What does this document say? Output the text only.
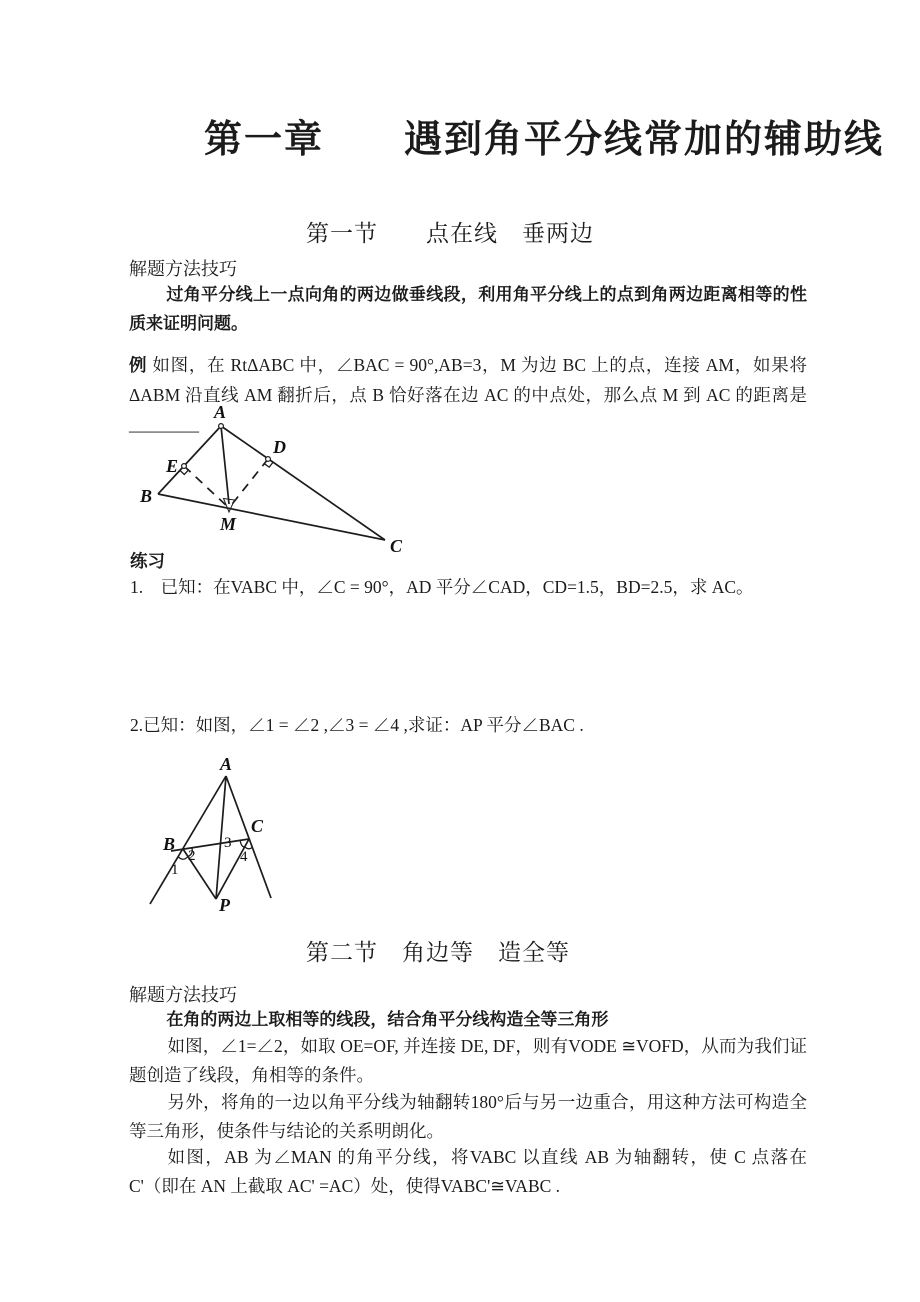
第一章　　遇到角平分线常加的辅助线
第一节　　点在线　垂两边
解题方法技巧
过角平分线上一点向角的两边做垂线段，利用角平分线上的点到角两边距离相等的性质来证明问题。
例 如图，在 RtΔABC 中，∠BAC = 90°,AB=3，M 为边 BC 上的点，连接 AM，如果将ΔABM 沿直线 AM 翻折后，点 B 恰好落在边 AC 的中点处，那么点 M 到 AC 的距离是________
A
B
C
D
E
M
练习
1.　已知：在VABC 中，∠C = 90°，AD 平分∠CAD，CD=1.5，BD=2.5，求 AC。
2.已知：如图，∠1 = ∠2 ,∠3 = ∠4 ,求证：AP 平分∠BAC .
A
B
C
P
1
2
3
4
第二节　角边等　造全等
解题方法技巧
在角的两边上取相等的线段，结合角平分线构造全等三角形
如图，∠1=∠2，如取 OE=OF, 并连接 DE, DF，则有VODE ≅VOFD，从而为我们证题创造了线段，角相等的条件。
另外，将角的一边以角平分线为轴翻转180°后与另一边重合，用这种方法可构造全等三角形，使条件与结论的关系明朗化。
如图，AB 为∠MAN 的角平分线，将VABC 以直线 AB 为轴翻转，使 C 点落在 C'（即在 AN 上截取 AC' =AC）处，使得VABC'≅VABC .
